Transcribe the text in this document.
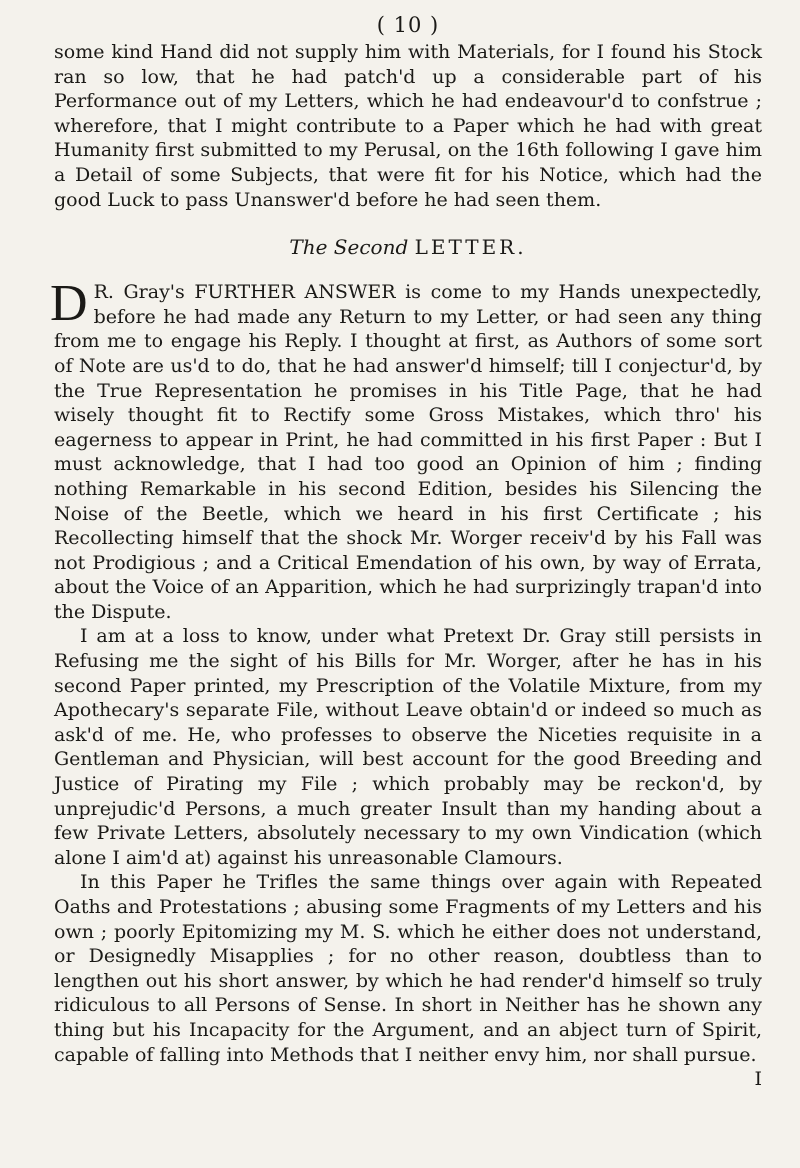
( 10 )

some kind Hand did not supply him with Materials, for I found his Stock ran so low, that he had patch'd up a considerable part of his Performance out of my Letters, which he had endeavour'd to confstrue ; wherefore, that I might contribute to a Paper which he had with great Humanity first submitted to my Perusal, on the 16th following I gave him a Detail of some Subjects, that were fit for his Notice, which had the good Luck to pass Unanswer'd before he had seen them.

The Second LETTER.
D R. Gray's FURTHER ANSWER is come to my Hands unexpectedly, before he had made any Return to my Letter, or had seen any thing from me to engage his Reply. I thought at first, as Authors of some sort of Note are us'd to do, that he had answer'd himself; till I conjectur'd, by the True Representation he promises in his Title Page, that he had wisely thought fit to Rectify some Gross Mistakes, which thro' his eagerness to appear in Print, he had committed in his first Paper : But I must acknowledge, that I had too good an Opinion of him ; finding nothing Remarkable in his second Edition, besides his Silencing the Noise of the Beetle, which we heard in his first Certificate ; his Recollecting himself that the shock Mr. Worger receiv'd by his Fall was not Prodigious ; and a Critical Emendation of his own, by way of Errata, about the Voice of an Apparition, which he had surprizingly trapan'd into the Dispute.

I am at a loss to know, under what Pretext Dr. Gray still persists in Refusing me the sight of his Bills for Mr. Worger, after he has in his second Paper printed, my Prescription of the Volatile Mixture, from my Apothecary's separate File, without Leave obtain'd or indeed so much as ask'd of me. He, who professes to observe the Niceties requisite in a Gentleman and Physician, will best account for the good Breeding and Justice of Pirating my File ; which probably may be reckon'd, by unprejudic'd Persons, a much greater Insult than my handing about a few Private Letters, absolutely necessary to my own Vindication (which alone I aim'd at) against his unreasonable Clamours.

In this Paper he Trifles the same things over again with Repeated Oaths and Protestations ; abusing some Fragments of my Letters and his own ; poorly Epitomizing my M. S. which he either does not understand, or Designedly Misapplies ; for no other reason, doubtless than to lengthen out his short answer, by which he had render'd himself so truly ridiculous to all Persons of Sense. In short in Neither has he shown any thing but his Incapacity for the Argument, and an abject turn of Spirit, capable of falling into Methods that I neither envy him, nor shall pursue.
I
